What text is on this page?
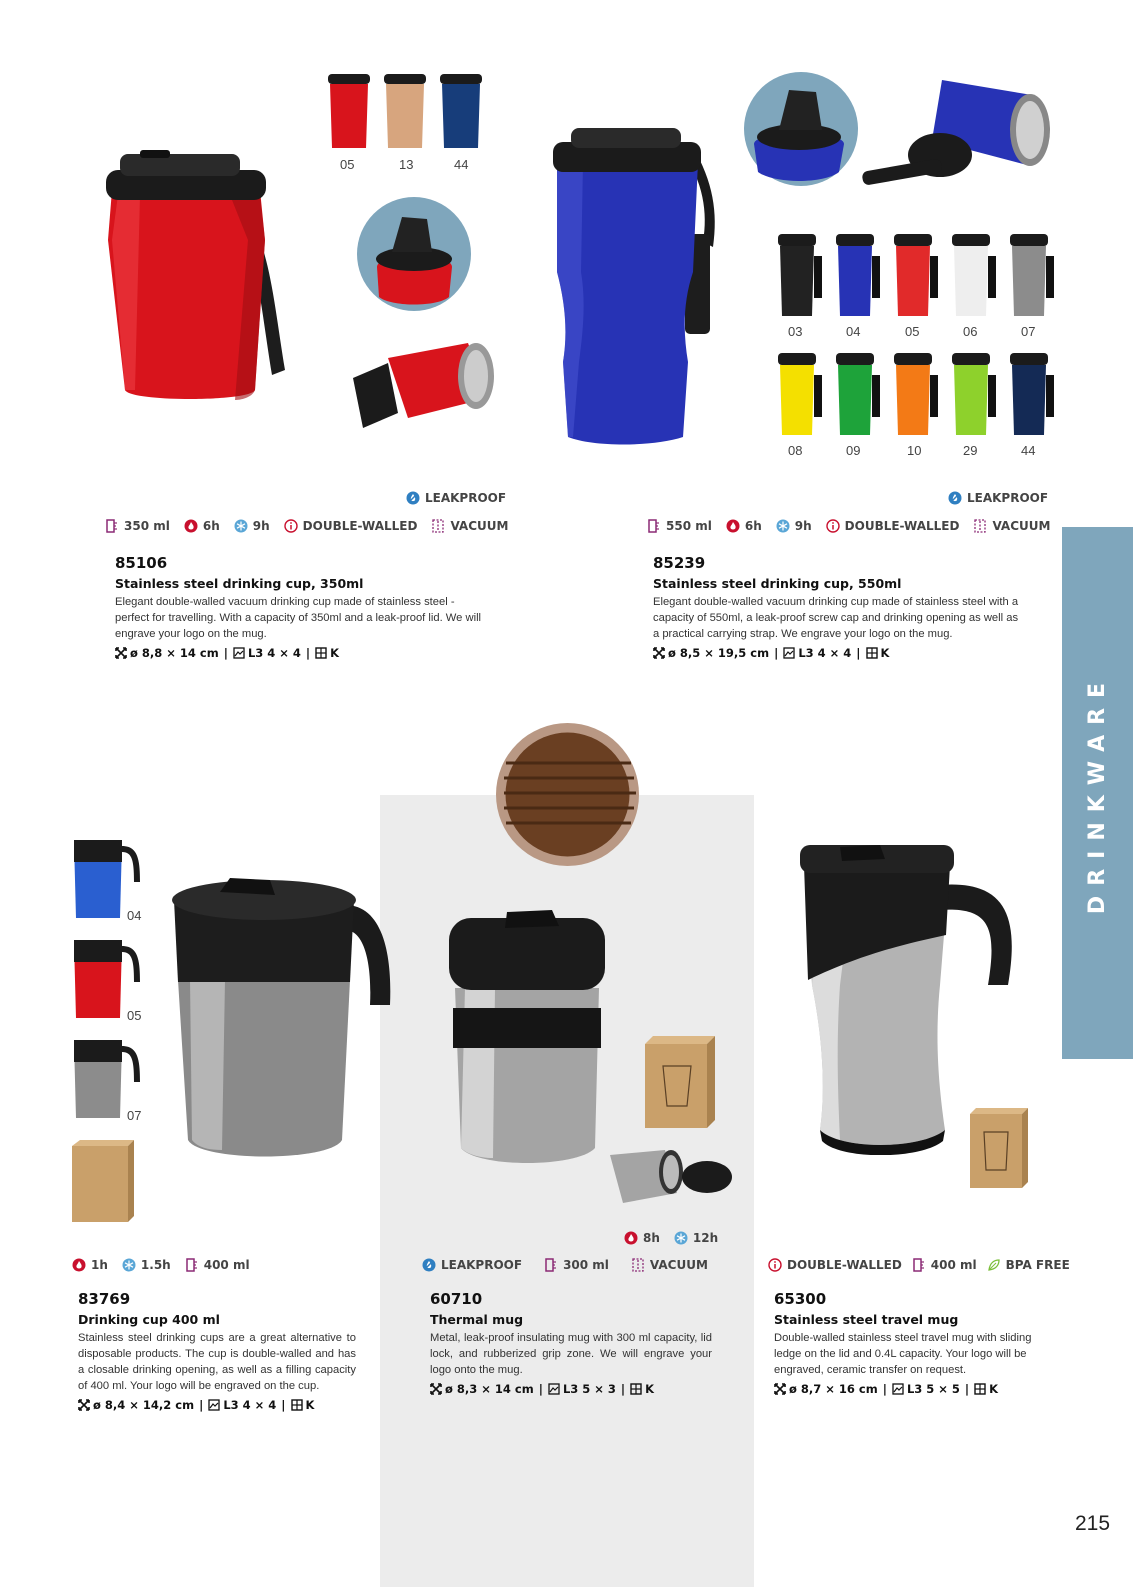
DRINKWARE
05	13	44
03	04	05	06	07
08	09	10	29	44
LEAKPROOF
350 ml	6h	9h	DOUBLE-WALLED	VACUUM
85106
Stainless steel drinking cup, 350ml
Elegant double-walled vacuum drinking cup made of stainless steel - perfect for travelling. With a capacity of 350ml and a leak-proof lid. We will engrave your logo on the mug.
ø 8,8 × 14 cm | L3 4 × 4 | K
LEAKPROOF
550 ml	6h	9h	DOUBLE-WALLED	VACUUM
85239
Stainless steel drinking cup, 550ml
Elegant double-walled vacuum drinking cup made of stainless steel with a capacity of 550ml, a leak-proof screw cap and drinking opening as well as a practical carrying strap. We engrave your logo on the mug.
ø 8,5 × 19,5 cm | L3 4 × 4 | K
04
05
07
1h	1.5h	400 ml
83769
Drinking cup 400 ml
Stainless steel drinking cups are a great alternative to disposable products. The cup is double-walled and has a closable drinking opening, as well as a filling capacity of 400 ml. Your logo will be engraved on the cup.
ø 8,4 × 14,2 cm | L3 4 × 4 | K
8h	12h
LEAKPROOF	300 ml	VACUUM
60710
Thermal mug
Metal, leak-proof insulating mug with 300 ml capacity, lid lock, and rubberized grip zone. We will engrave your logo onto the mug.
ø 8,3 × 14 cm | L3 5 × 3 | K
DOUBLE-WALLED 400 ml BPA FREE
65300
Stainless steel travel mug
Double-walled stainless steel travel mug with sliding ledge on the lid and 0.4L capacity. Your logo will be engraved, ceramic transfer on request.
ø 8,7 × 16 cm | L3 5 × 5 | K
215
